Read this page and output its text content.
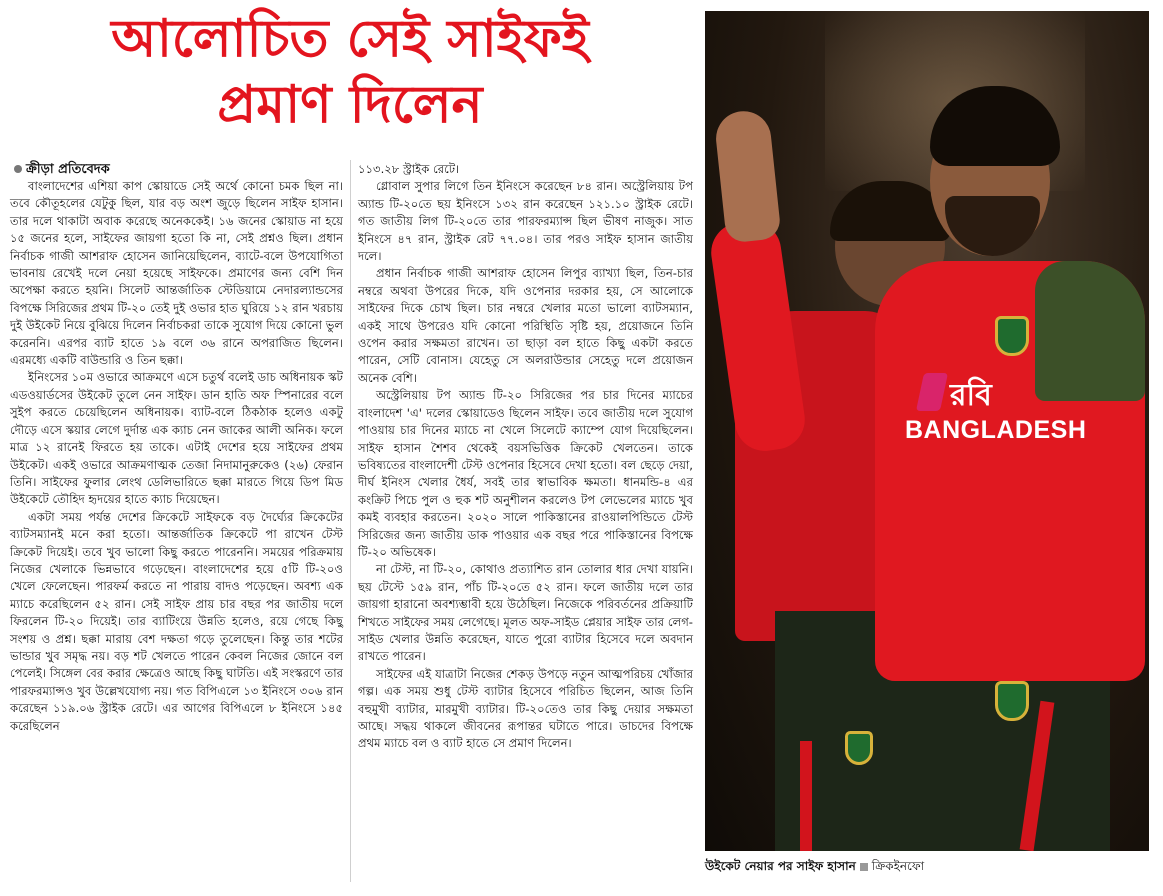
আলোচিত সেই সাইফই
প্রমাণ দিলেন
ক্রীড়া প্রতিবেদক

বাংলাদেশের এশিয়া কাপ স্কোয়াডে সেই অর্থে কোনো চমক ছিল না। তবে কৌতূহলের যেটুকু ছিল, যার বড় অংশ জুড়ে ছিলেন সাইফ হাসান। তার দলে থাকাটা অবাক করেছে অনেককেই। ১৬ জনের স্কোয়াড না হয়ে ১৫ জনের হলে, সাইফের জায়গা হতো কি না, সেই প্রশ্নও ছিল। প্রধান নির্বাচক গাজী আশরাফ হোসেন জানিয়েছিলেন, ব্যাটে-বলে উপযোগিতা ভাবনায় রেখেই দলে নেয়া হয়েছে সাইফকে। প্রমাণের জন্য বেশি দিন অপেক্ষা করতে হয়নি। সিলেট আন্তর্জাতিক স্টেডিয়ামে নেদারল্যান্ডসের বিপক্ষে সিরিজের প্রথম টি-২০ তেই দুই ওভার হাত ঘুরিয়ে ১২ রান খরচায় দুই উইকেট নিয়ে বুঝিয়ে দিলেন নির্বাচকরা তাকে সুযোগ দিয়ে কোনো ভুল করেননি। এরপর ব্যাট হাতে ১৯ বলে ৩৬ রানে অপরাজিত ছিলেন। এরমধ্যে একটি বাউন্ডারি ও তিন ছক্কা।

ইনিংসের ১০ম ওভারে আক্রমণে এসে চতুর্থ বলেই ডাচ অধিনায়ক স্কট এডওয়ার্ডসের উইকেট তুলে নেন সাইফ। ডান হাতি অফ স্পিনারের বলে সুইপ করতে চেয়েছিলেন অধিনায়ক। ব্যাট-বলে ঠিকঠাক হলেও একটু দৌড়ে এসে স্কয়ার লেগে দুর্দান্ত এক ক্যাচ নেন জাকের আলী অনিক। ফলে মাত্র ১২ রানেই ফিরতে হয় তাকে। এটাই দেশের হয়ে সাইফের প্রথম উইকেট। একই ওভারে আক্রমণাত্মক তেজা নিদামানুরুকেও (২৬) ফেরান তিনি। সাইফের ফুলার লেংথ ডেলিভারিতে ছক্কা মারতে গিয়ে ডিপ মিড উইকেটে তৌহিদ হৃদয়ের হাতে ক্যাচ দিয়েছেন।

একটা সময় পর্যন্ত দেশের ক্রিকেটে সাইফকে বড় দৈর্ঘ্যের ক্রিকেটের ব্যাটসম্যানই মনে করা হতো। আন্তর্জাতিক ক্রিকেটে পা রাখেন টেস্ট ক্রিকেট দিয়েই। তবে খুব ভালো কিছু করতে পারেননি। সময়ের পরিক্রমায় নিজের খেলাকে ভিন্নভাবে গড়েছেন। বাংলাদেশের হয়ে ৫টি টি-২০ও খেলে ফেলেছেন। পারফর্ম করতে না পারায় বাদও পড়েছেন। অবশ্য এক ম্যাচে করেছিলেন ৫২ রান। সেই সাইফ প্রায় চার বছর পর জাতীয় দলে ফিরলেন টি-২০ দিয়েই। তার ব্যাটিংয়ে উন্নতি হলেও, রয়ে গেছে কিছু সংশয় ও প্রশ্ন। ছক্কা মারায় বেশ দক্ষতা গড়ে তুলেছেন। কিন্তু তার শটের ভান্ডার খুব সমৃদ্ধ নয়। বড় শট খেলতে পারেন কেবল নিজের জোনে বল পেলেই। সিঙ্গেল বের করার ক্ষেত্রেও আছে কিছু ঘাটতি। এই সংস্করণে তার পারফরম্যান্সও খুব উল্লেখযোগ্য নয়। গত বিপিএলে ১৩ ইনিংসে ৩০৬ রান করেছেন ১১৯.০৬ স্ট্রাইক রেটে। এর আগের বিপিএলে ৮ ইনিংসে ১৪৫ করেছিলেন

১১৩.২৮ স্ট্রাইক রেটে।

গ্লোবাল সুপার লিগে তিন ইনিংসে করেছেন ৮৪ রান। অস্ট্রেলিয়ায় টপ অ্যান্ড টি-২০তে ছয় ইনিংসে ১৩২ রান করেছেন ১২১.১০ স্ট্রাইক রেটে। গত জাতীয় লিগ টি-২০তে তার পারফরম্যান্স ছিল ভীষণ নাজুক। সাত ইনিংসে ৪৭ রান, স্ট্রাইক রেট ৭৭.০৪। তার পরও সাইফ হাসান জাতীয় দলে।

প্রধান নির্বাচক গাজী আশরাফ হোসেন লিপুর ব্যাখ্যা ছিল, তিন-চার নম্বরে অথবা উপরের দিকে, যদি ওপেনার দরকার হয়, সে আলোকে সাইফের দিকে চোখ ছিল। চার নম্বরে খেলার মতো ভালো ব্যাটসম্যান, একই সাথে উপরেও যদি কোনো পরিস্থিতি সৃষ্টি হয়, প্রয়োজনে তিনি ওপেন করার সক্ষমতা রাখেন। তা ছাড়া বল হাতে কিছু একটা করতে পারেন, সেটি বোনাস। যেহেতু সে অলরাউন্ডার সেহেতু দলে প্রয়োজন অনেক বেশি।

অস্ট্রেলিয়ায় টপ অ্যান্ড টি-২০ সিরিজের পর চার দিনের ম্যাচের বাংলাদেশ 'এ' দলের স্কোয়াডেও ছিলেন সাইফ। তবে জাতীয় দলে সুযোগ পাওয়ায় চার দিনের ম্যাচে না খেলে সিলেটে ক্যাম্পে যোগ দিয়েছিলেন। সাইফ হাসান শৈশব থেকেই বয়সভিত্তিক ক্রিকেট খেলতেন। তাকে ভবিষ্যতের বাংলাদেশী টেস্ট ওপেনার হিসেবে দেখা হতো। বল ছেড়ে দেয়া, দীর্ঘ ইনিংস খেলার ধৈর্য, সবই তার স্বাভাবিক ক্ষমতা। ধানমন্ডি-৪ এর কংক্রিট পিচে পুল ও হুক শট অনুশীলন করলেও টপ লেভেলের ম্যাচে খুব কমই ব্যবহার করতেন। ২০২০ সালে পাকিস্তানের রাওয়ালপিন্ডিতে টেস্ট সিরিজের জন্য জাতীয় ডাক পাওয়ার এক বছর পরে পাকিস্তানের বিপক্ষে টি-২০ অভিষেক।

না টেস্ট, না টি-২০, কোথাও প্রত্যাশিত রান তোলার ধার দেখা যায়নি। ছয় টেস্টে ১৫৯ রান, পাঁচ টি-২০তে ৫২ রান। ফলে জাতীয় দলে তার জায়গা হারানো অবশ্যম্ভাবী হয়ে উঠেছিল। নিজেকে পরিবর্তনের প্রক্রিয়াটি শিখতে সাইফের সময় লেগেছে। মূলত অফ-সাইড প্লেয়ার সাইফ তার লেগ-সাইড খেলার উন্নতি করেছেন, যাতে পুরো ব্যাটার হিসেবে দলে অবদান রাখতে পারেন।

সাইফের এই যাত্রাটা নিজের শেকড় উপড়ে নতুন আত্মপরিচয় খোঁজার গল্প। এক সময় শুধু টেস্ট ব্যাটার হিসেবে পরিচিত ছিলেন, আজ তিনি বহুমুখী ব্যাটার, মারমুখী ব্যাটার। টি-২০তেও তার কিছু দেয়ার সক্ষমতা আছে। সদ্ধয় থাকলে জীবনের রূপান্তর ঘটাতে পারে। ডাচদের বিপক্ষে প্রথম ম্যাচে বল ও ব্যাট হাতে সে প্রমাণ দিলেন।

রবি
BANGLADESH
উইকেট নেয়ার পর সাইফ হাসান ক্রিকইনফো
